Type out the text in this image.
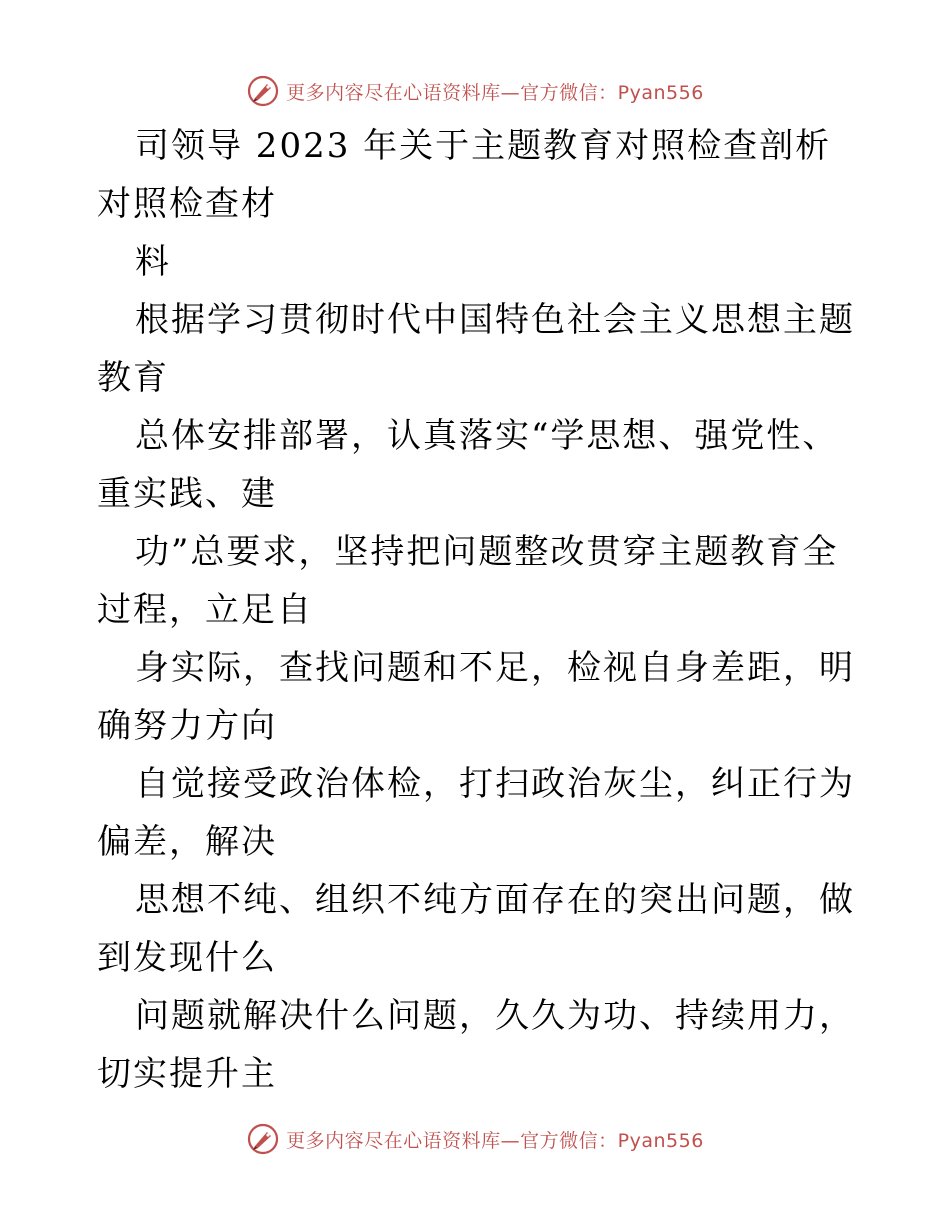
更多内容尽在心语资料库—官方微信：Pyan556

司领导 2023 年关于主题教育对照检查剖析对照检查材

料

根据学习贯彻时代中国特色社会主义思想主题教育

总体安排部署，认真落实“学思想、强党性、重实践、建

功”总要求，坚持把问题整改贯穿主题教育全过程，立足自

身实际，查找问题和不足，检视自身差距，明确努力方向

自觉接受政治体检，打扫政治灰尘，纠正行为偏差，解决

思想不纯、组织不纯方面存在的突出问题，做到发现什么

问题就解决什么问题，久久为功、持续用力，切实提升主

更多内容尽在心语资料库—官方微信：Pyan556
